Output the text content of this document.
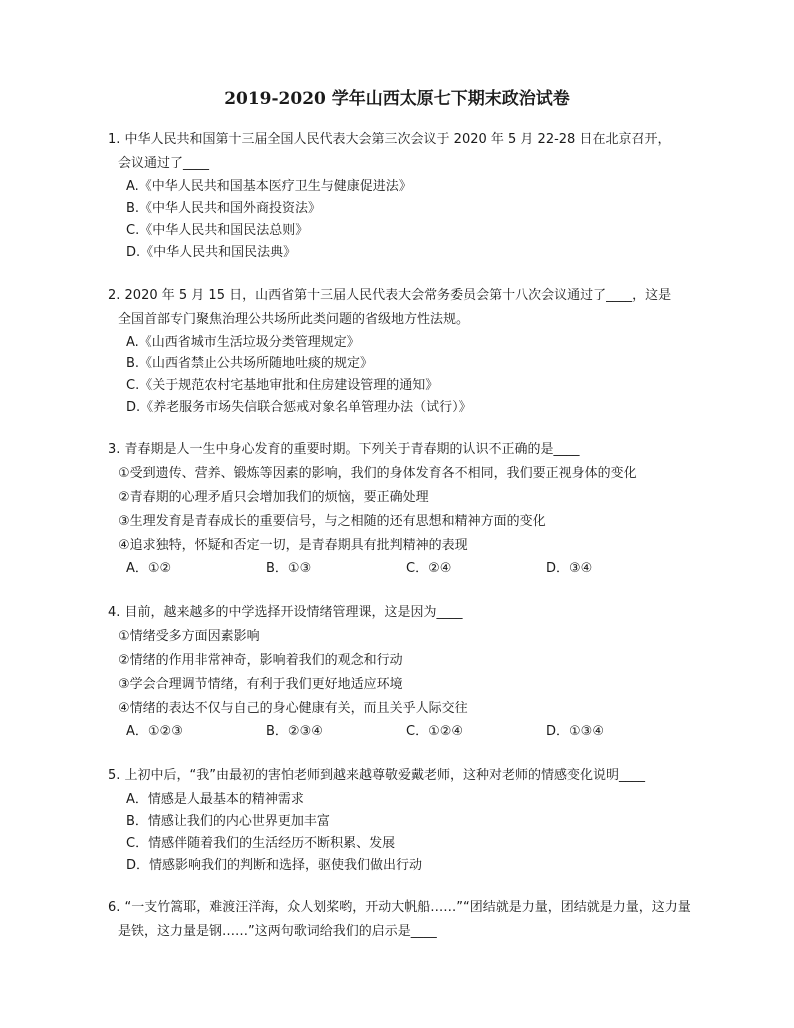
2019-2020 学年山西太原七下期末政治试卷
1. 中华人民共和国第十三届全国人民代表大会第三次会议于 2020 年 5 月 22-28 日在北京召开，
会议通过了____
A.《中华人民共和国基本医疗卫生与健康促进法》
B.《中华人民共和国外商投资法》
C.《中华人民共和国民法总则》
D.《中华人民共和国民法典》
2. 2020 年 5 月 15 日，山西省第十三届人民代表大会常务委员会第十八次会议通过了____，这是
全国首部专门聚焦治理公共场所此类问题的省级地方性法规。
A.《山西省城市生活垃圾分类管理规定》
B.《山西省禁止公共场所随地吐痰的规定》
C.《关于规范农村宅基地审批和住房建设管理的通知》
D.《养老服务市场失信联合惩戒对象名单管理办法（试行）》
3. 青春期是人一生中身心发育的重要时期。下列关于青春期的认识不正确的是____
①受到遗传、营养、锻炼等因素的影响，我们的身体发育各不相同，我们要正视身体的变化
②青春期的心理矛盾只会增加我们的烦恼，要正确处理
③生理发育是青春成长的重要信号，与之相随的还有思想和精神方面的变化
④追求独特，怀疑和否定一切，是青春期具有批判精神的表现
A．①②	B．①③	C．②④	D．③④
4. 目前，越来越多的中学选择开设情绪管理课，这是因为____
①情绪受多方面因素影响
②情绪的作用非常神奇，影响着我们的观念和行动
③学会合理调节情绪，有利于我们更好地适应环境
④情绪的表达不仅与自己的身心健康有关，而且关乎人际交往
A．①②③	B．②③④	C．①②④	D．①③④
5. 上初中后，“我”由最初的害怕老师到越来越尊敬爱戴老师，这种对老师的情感变化说明____
A．情感是人最基本的精神需求
B．情感让我们的内心世界更加丰富
C．情感伴随着我们的生活经历不断积累、发展
D．情感影响我们的判断和选择，驱使我们做出行动
6. “一支竹篙耶，难渡汪洋海，众人划桨哟，开动大帆船……”“团结就是力量，团结就是力量，这力量
是铁，这力量是钢……”这两句歌词给我们的启示是____
